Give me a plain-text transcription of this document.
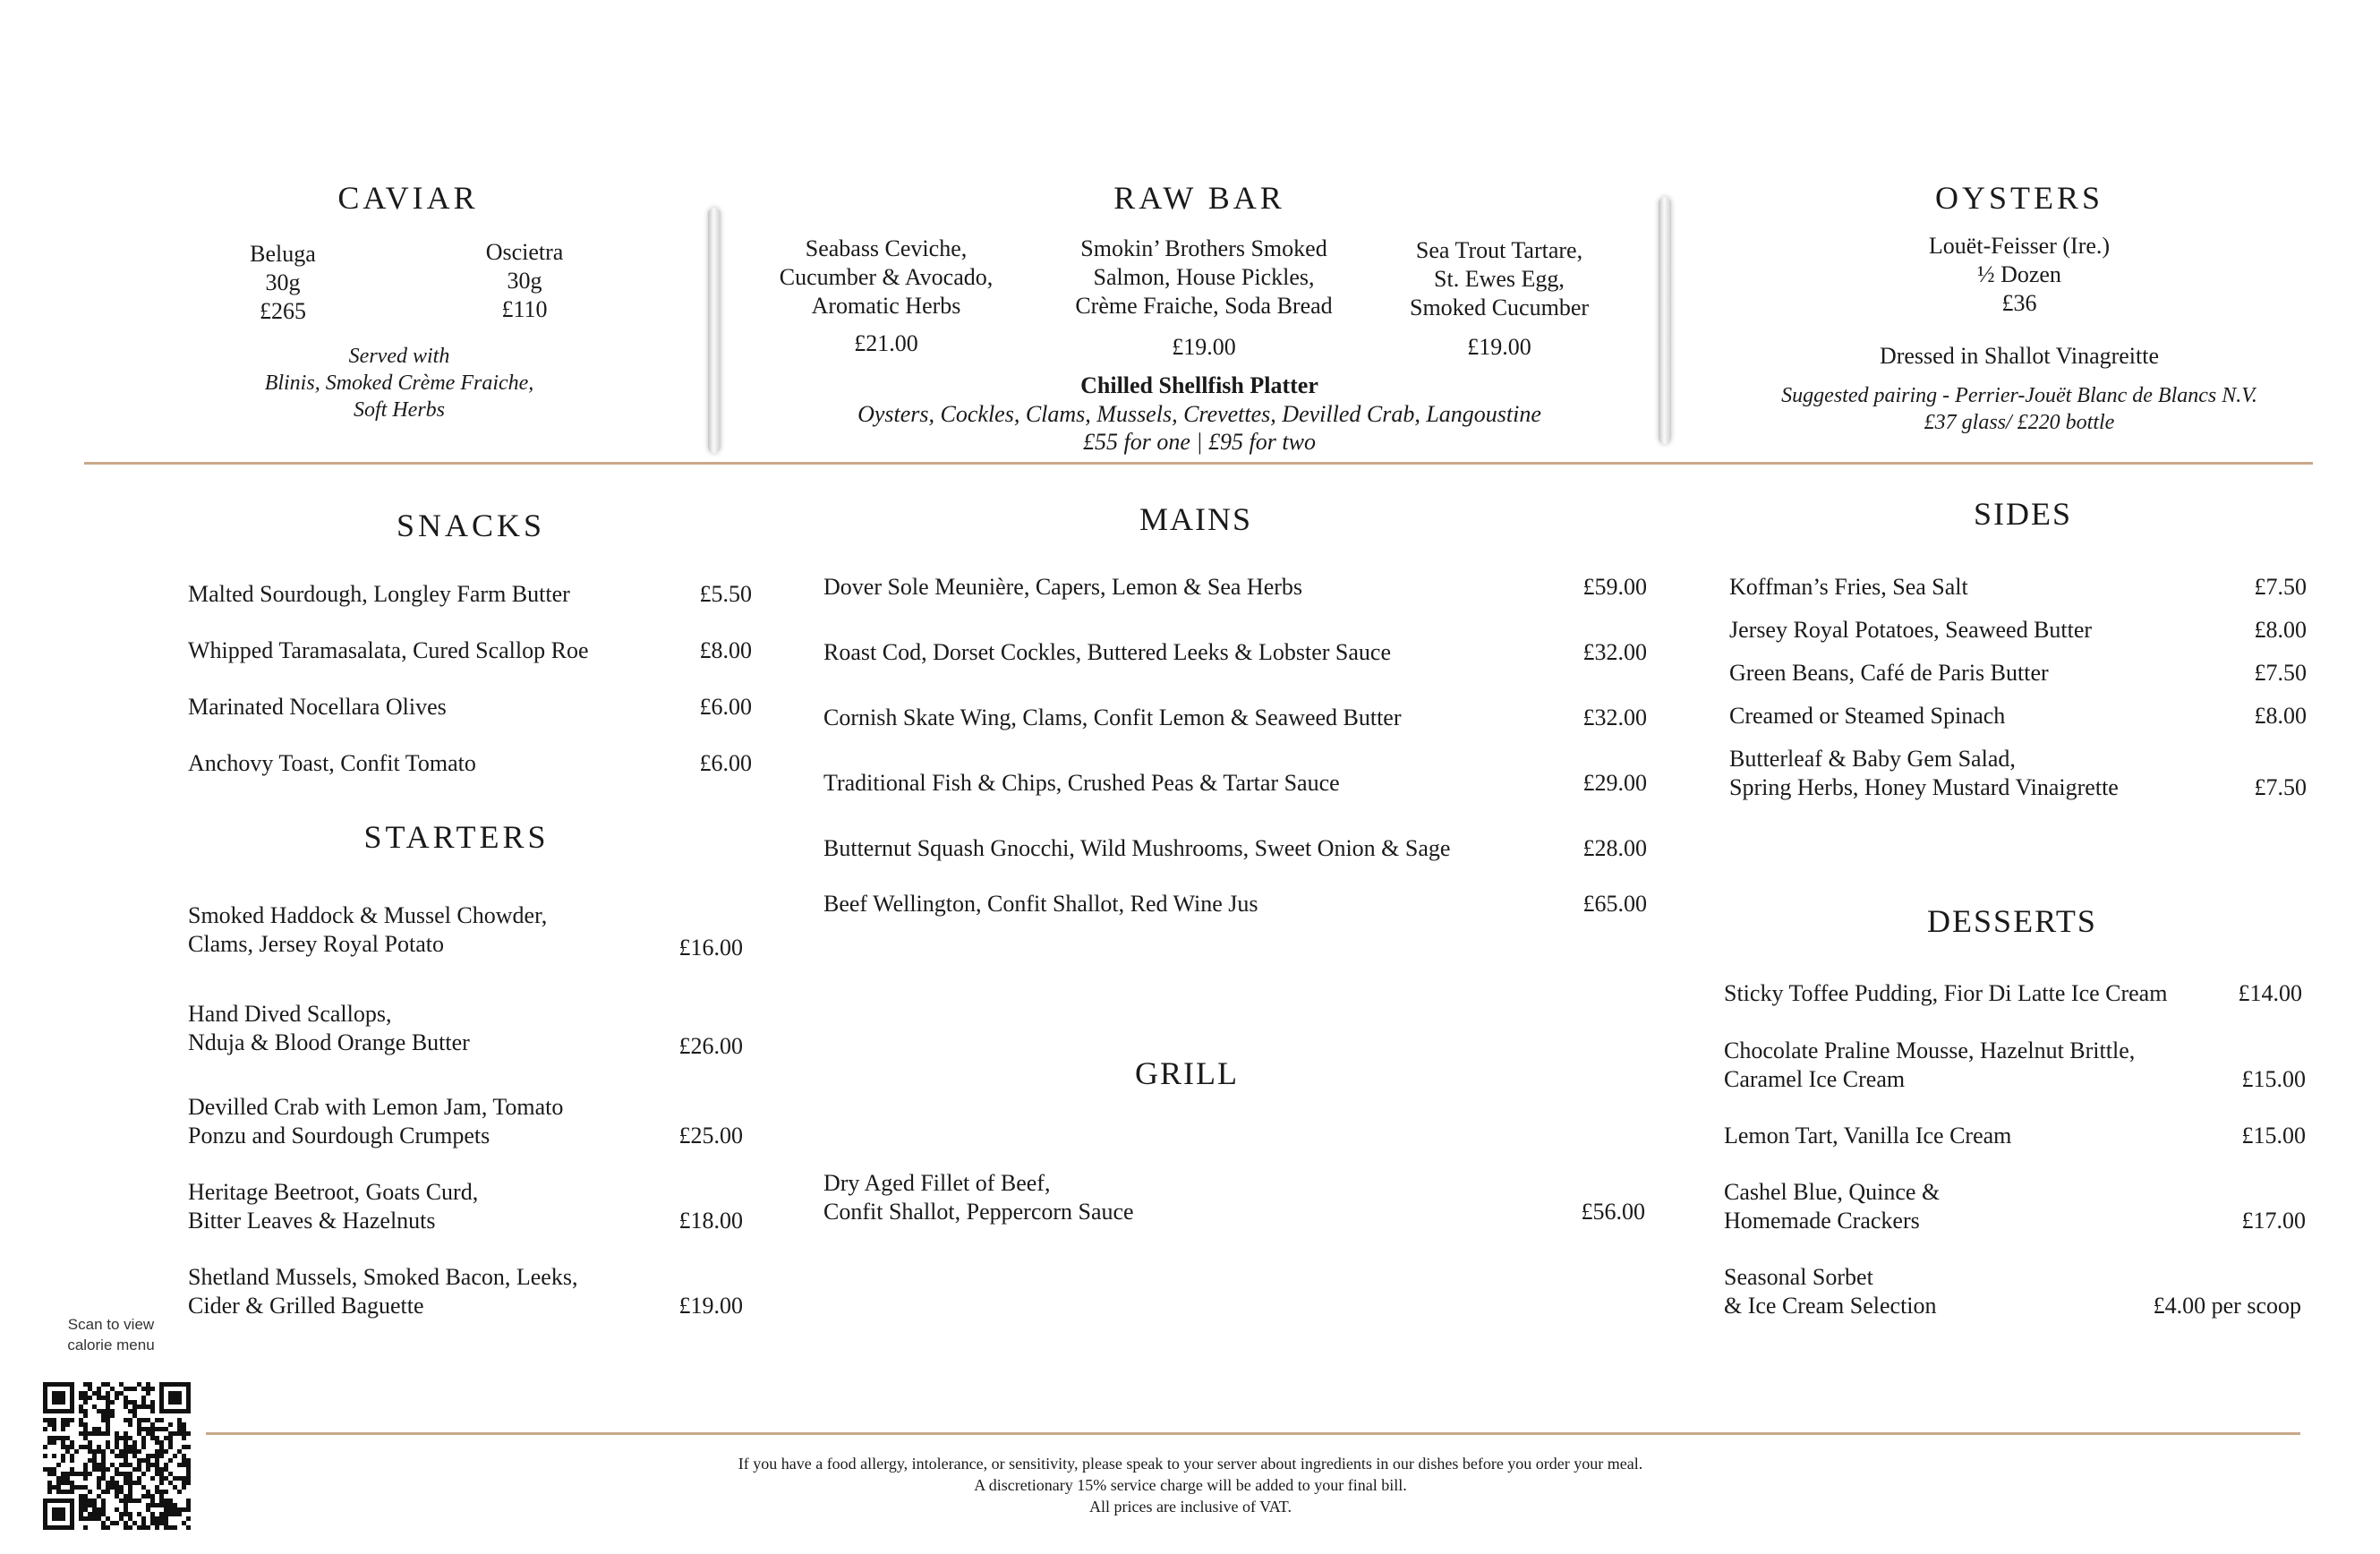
CAVIAR
Beluga
30g
£265
Oscietra
30g
£110
Served with
Blinis, Smoked Crème Fraiche,
Soft Herbs
RAW BAR
Seabass Ceviche,
Cucumber & Avocado,
Aromatic Herbs
£21.00
Smokin’ Brothers Smoked
Salmon, House Pickles,
Crème Fraiche, Soda Bread
£19.00
Sea Trout Tartare,
St. Ewes Egg,
Smoked Cucumber
£19.00
Chilled Shellfish Platter
Oysters, Cockles, Clams, Mussels, Crevettes, Devilled Crab, Langoustine
£55 for one | £95 for two
OYSTERS
Louët-Feisser (Ire.)
½ Dozen
£36
Dressed in Shallot Vinagreitte
Suggested pairing - Perrier-Jouët Blanc de Blancs N.V.
£37 glass/ £220 bottle
SNACKS
Malted Sourdough, Longley Farm Butter	£5.50
Whipped Taramasalata, Cured Scallop Roe	£8.00
Marinated Nocellara Olives	£6.00
Anchovy Toast, Confit Tomato	£6.00
STARTERS
Smoked Haddock & Mussel Chowder,
Clams, Jersey Royal Potato	£16.00
Hand Dived Scallops,
Nduja & Blood Orange Butter	£26.00
Devilled Crab with Lemon Jam, Tomato
Ponzu and Sourdough Crumpets	£25.00
Heritage Beetroot, Goats Curd,
Bitter Leaves & Hazelnuts	£18.00
Shetland Mussels, Smoked Bacon, Leeks,
Cider & Grilled Baguette	£19.00
MAINS
Dover Sole Meunière, Capers, Lemon & Sea Herbs	£59.00
Roast Cod, Dorset Cockles, Buttered Leeks & Lobster Sauce	£32.00
Cornish Skate Wing, Clams, Confit Lemon & Seaweed Butter	£32.00
Traditional Fish & Chips, Crushed Peas & Tartar Sauce	£29.00
Butternut Squash Gnocchi, Wild Mushrooms, Sweet Onion & Sage	£28.00
Beef Wellington, Confit Shallot, Red Wine Jus	£65.00
GRILL
Dry Aged Fillet of Beef,
Confit Shallot, Peppercorn Sauce	£56.00
SIDES
Koffman’s Fries, Sea Salt	£7.50
Jersey Royal Potatoes, Seaweed Butter	£8.00
Green Beans, Café de Paris Butter	£7.50
Creamed or Steamed Spinach	£8.00
Butterleaf & Baby Gem Salad,
Spring Herbs, Honey Mustard Vinaigrette	£7.50
DESSERTS
Sticky Toffee Pudding, Fior Di Latte Ice Cream	£14.00
Chocolate Praline Mousse, Hazelnut Brittle,
Caramel Ice Cream	£15.00
Lemon Tart, Vanilla Ice Cream	£15.00
Cashel Blue, Quince &
Homemade Crackers	£17.00
Seasonal Sorbet
& Ice Cream Selection	£4.00 per scoop
Scan to view
calorie menu
If you have a food allergy, intolerance, or sensitivity, please speak to your server about ingredients in our dishes before you order your meal.
A discretionary 15% service charge will be added to your final bill.
All prices are inclusive of VAT.
